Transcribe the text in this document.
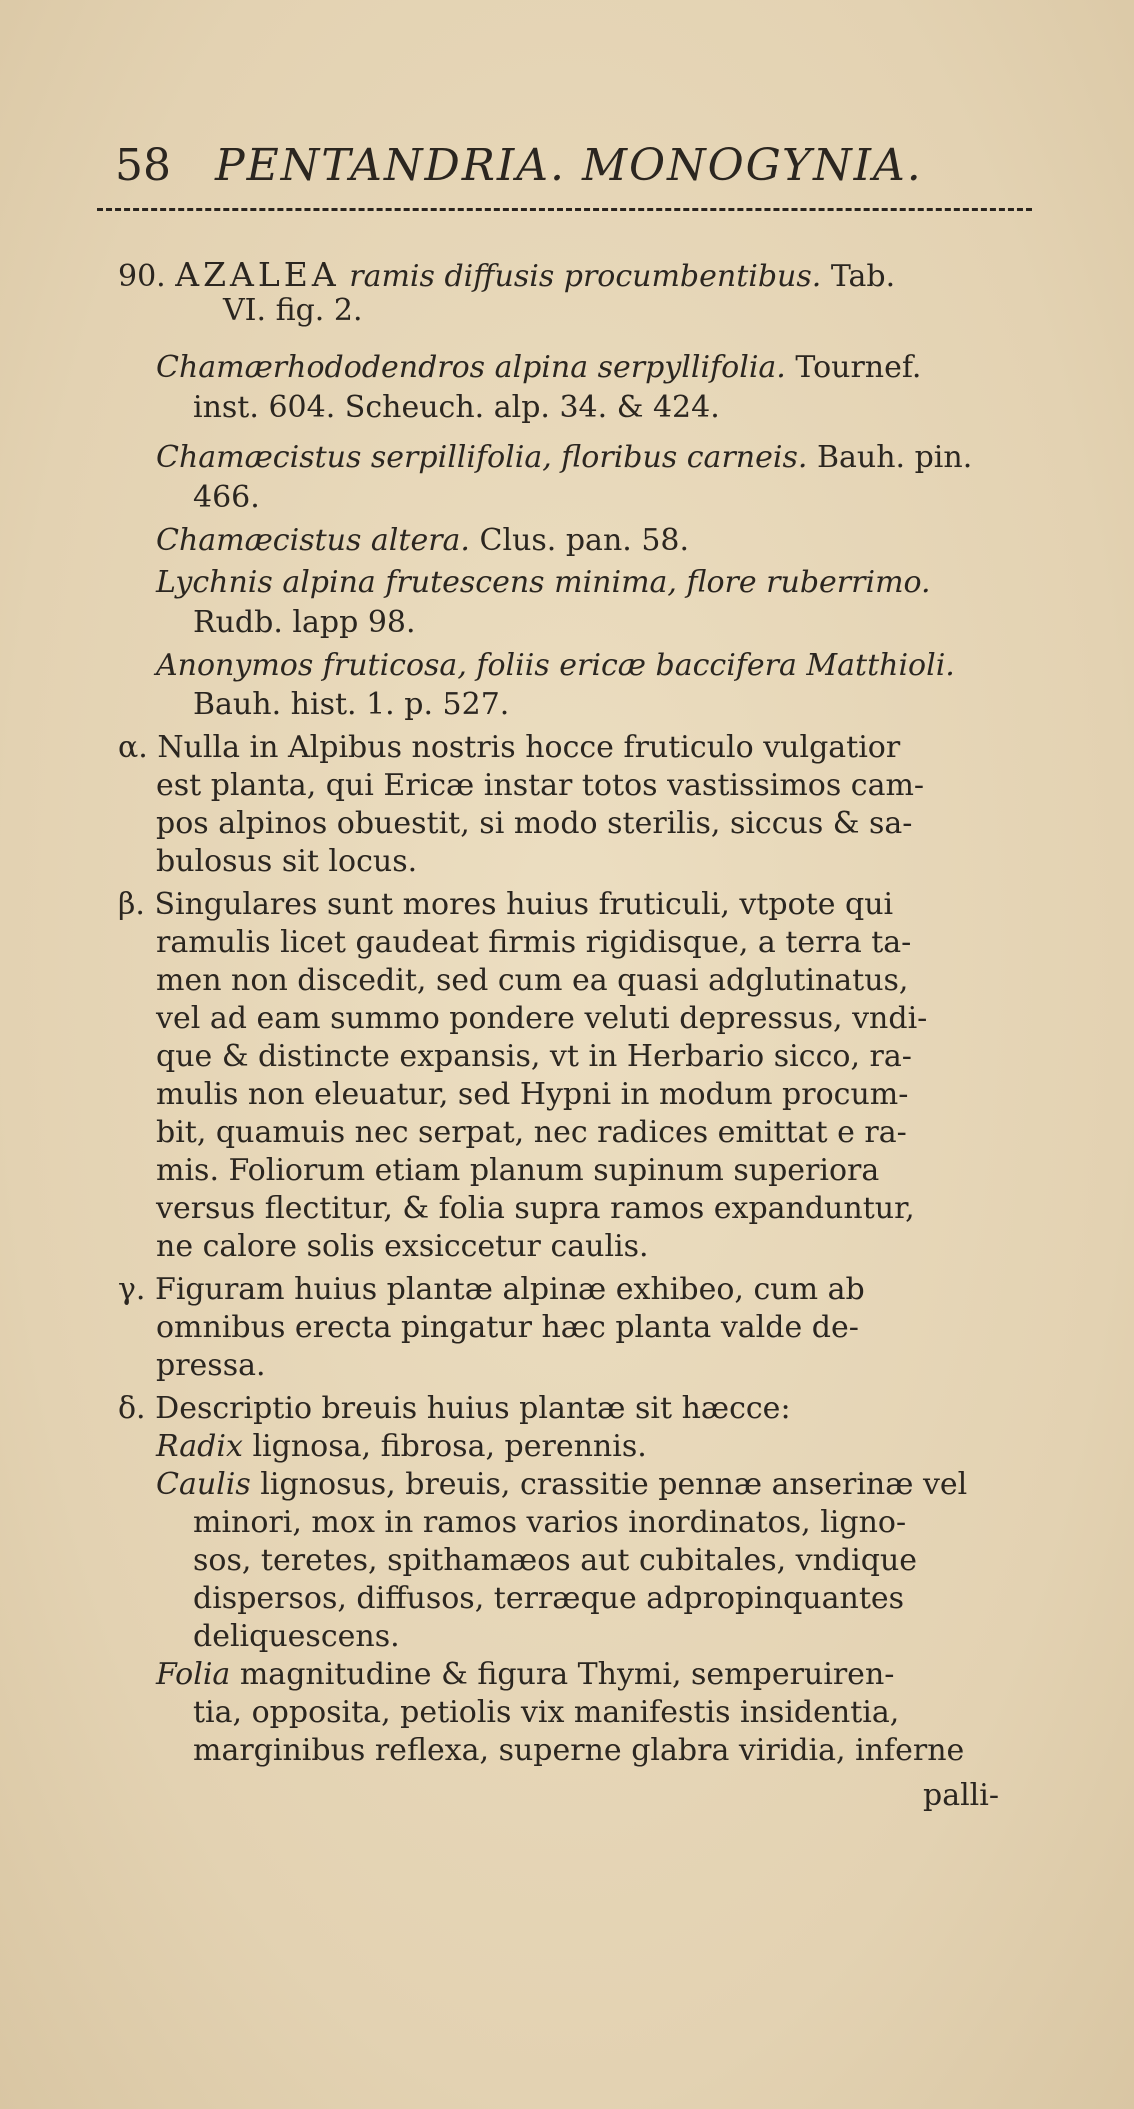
58 PENTANDRIA. MONOGYNIA.
90. AZALEA ramis diffusis procumbentibus. Tab.
VI. fig. 2.
Chamærhododendros alpina serpyllifolia. Tournef.
inst. 604. Scheuch. alp. 34. & 424.
Chamæcistus serpillifolia, floribus carneis. Bauh. pin.
466.
Chamæcistus altera. Clus. pan. 58.
Lychnis alpina frutescens minima, flore ruberrimo.
Rudb. lapp 98.
Anonymos fruticosa, foliis ericæ baccifera Matthioli.
Bauh. hist. 1. p. 527.
α. Nulla in Alpibus nostris hocce fruticulo vulgatior
est planta, qui Ericæ instar totos vastissimos cam-
pos alpinos obuestit, si modo sterilis, siccus & sa-
bulosus sit locus.
β. Singulares sunt mores huius fruticuli, vtpote qui
ramulis licet gaudeat firmis rigidisque, a terra ta-
men non discedit, sed cum ea quasi adglutinatus,
vel ad eam summo pondere veluti depressus, vndi-
que & distincte expansis, vt in Herbario sicco, ra-
mulis non eleuatur, sed Hypni in modum procum-
bit, quamuis nec serpat, nec radices emittat e ra-
mis. Foliorum etiam planum supinum superiora
versus flectitur, & folia supra ramos expanduntur,
ne calore solis exsiccetur caulis.
γ. Figuram huius plantæ alpinæ exhibeo, cum ab
omnibus erecta pingatur hæc planta valde de-
pressa.
δ. Descriptio breuis huius plantæ sit hæcce:
Radix lignosa, fibrosa, perennis.
Caulis lignosus, breuis, crassitie pennæ anserinæ vel
minori, mox in ramos varios inordinatos, ligno-
sos, teretes, spithamæos aut cubitales, vndique
dispersos, diffusos, terræque adpropinquantes
deliquescens.
Folia magnitudine & figura Thymi, semperuiren-
tia, opposita, petiolis vix manifestis insidentia,
marginibus reflexa, superne glabra viridia, inferne
palli-
